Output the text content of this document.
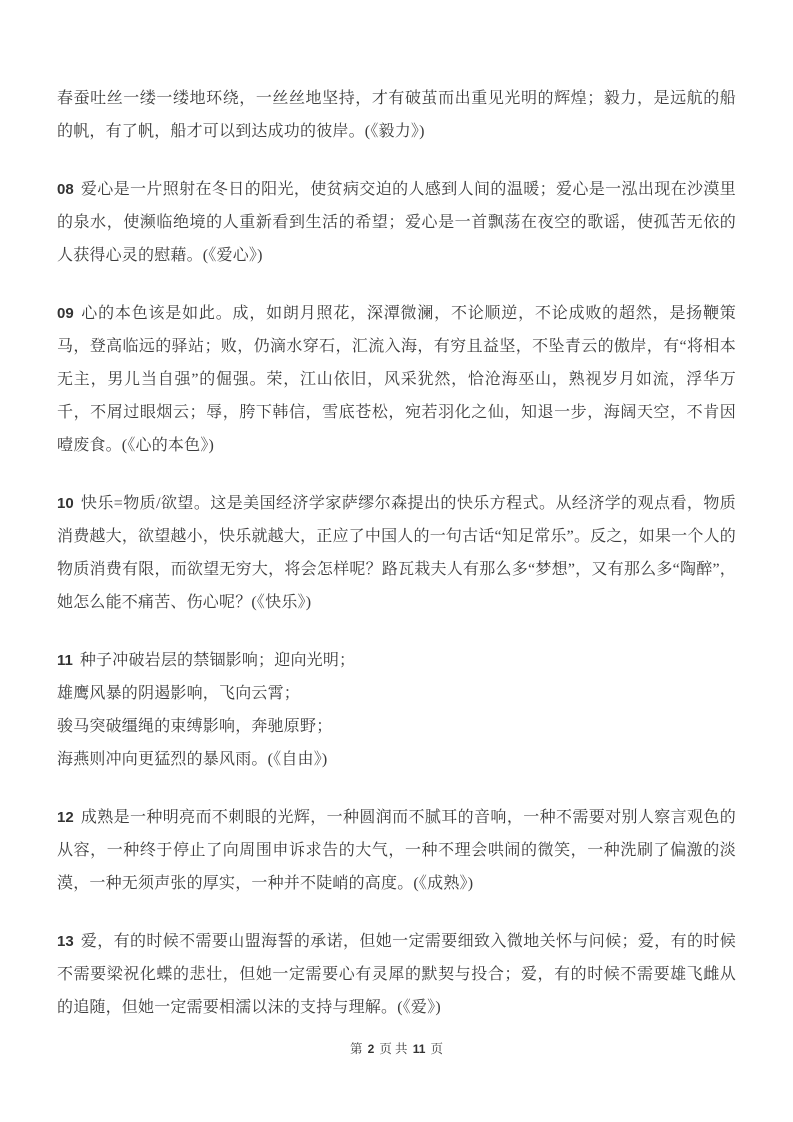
春蚕吐丝一缕一缕地环绕，一丝丝地坚持，才有破茧而出重见光明的辉煌；毅力，是远航的船的帆，有了帆，船才可以到达成功的彼岸。(《毅力》)

08 爱心是一片照射在冬日的阳光，使贫病交迫的人感到人间的温暖；爱心是一泓出现在沙漠里的泉水，使濒临绝境的人重新看到生活的希望；爱心是一首飘荡在夜空的歌谣，使孤苦无依的人获得心灵的慰藉。(《爱心》)

09 心的本色该是如此。成，如朗月照花，深潭微澜，不论顺逆，不论成败的超然，是扬鞭策马，登高临远的驿站；败，仍滴水穿石，汇流入海，有穷且益坚，不坠青云的傲岸，有“将相本无主，男儿当自强”的倔强。荣，江山依旧，风采犹然，恰沧海巫山，熟视岁月如流，浮华万千，不屑过眼烟云；辱，胯下韩信，雪底苍松，宛若羽化之仙，知退一步，海阔天空，不肯因噎废食。(《心的本色》)

10 快乐=物质/欲望。这是美国经济学家萨缪尔森提出的快乐方程式。从经济学的观点看，物质消费越大，欲望越小，快乐就越大，正应了中国人的一句古话“知足常乐”。反之，如果一个人的物质消费有限，而欲望无穷大，将会怎样呢？路瓦栽夫人有那么多“梦想”，又有那么多“陶醉”，她怎么能不痛苦、伤心呢？(《快乐》)

11 种子冲破岩层的禁锢影响；迎向光明；
雄鹰风暴的阴遏影响，飞向云霄；
骏马突破缰绳的束缚影响，奔驰原野；
海燕则冲向更猛烈的暴风雨。(《自由》)

12 成熟是一种明亮而不刺眼的光辉，一种圆润而不腻耳的音响，一种不需要对别人察言观色的从容，一种终于停止了向周围申诉求告的大气，一种不理会哄闹的微笑，一种洗刷了偏激的淡漠，一种无须声张的厚实，一种并不陡峭的高度。(《成熟》)

13 爱，有的时候不需要山盟海誓的承诺，但她一定需要细致入微地关怀与问候；爱，有的时候不需要梁祝化蝶的悲壮，但她一定需要心有灵犀的默契与投合；爱，有的时候不需要雄飞雌从的追随，但她一定需要相濡以沫的支持与理解。(《爱》)

第 2 页 共 11 页
